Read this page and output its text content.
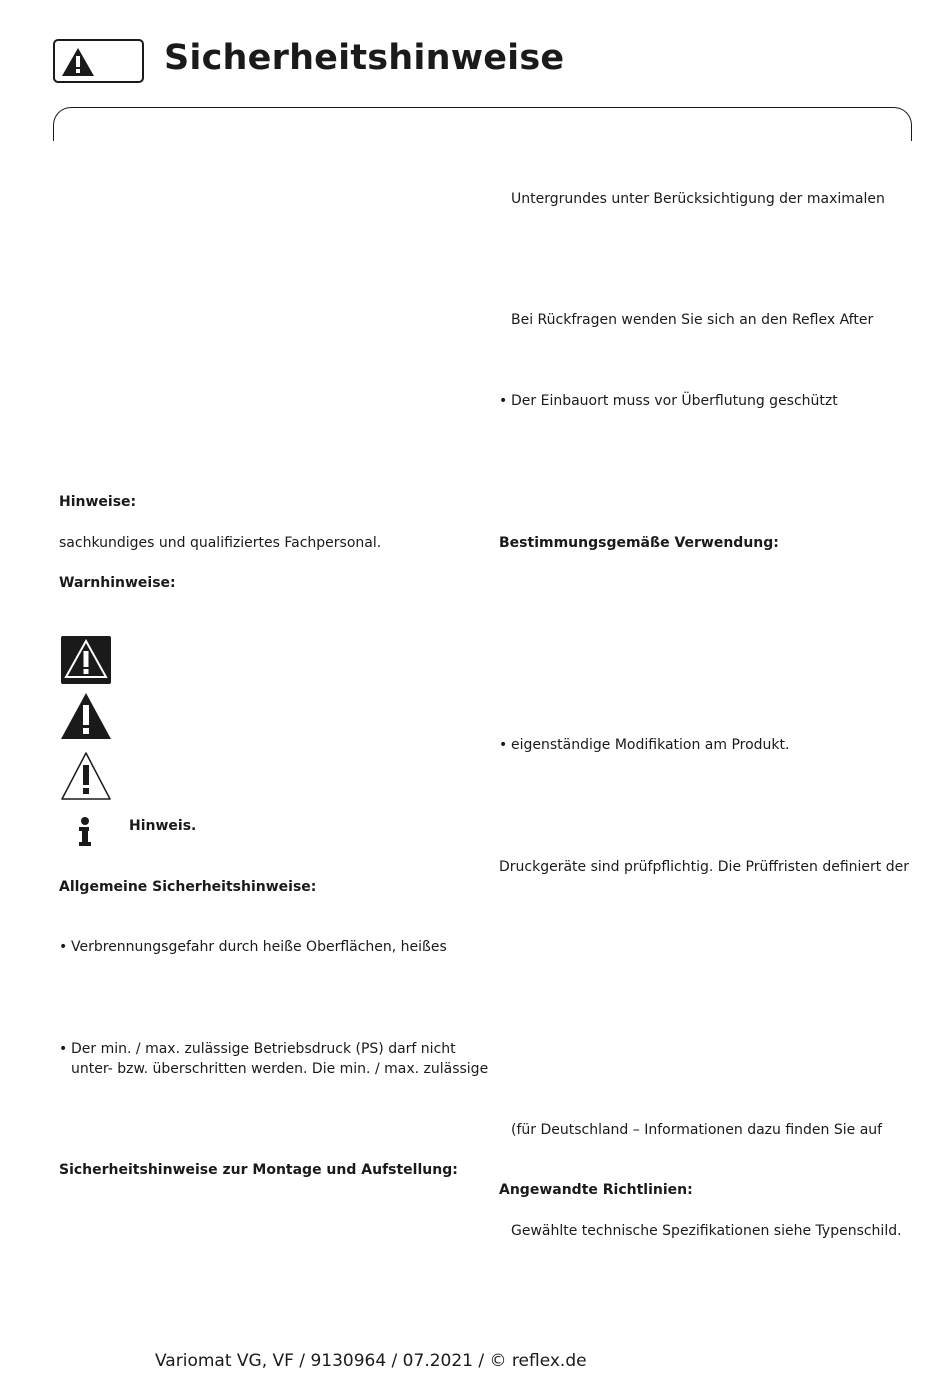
Sicherheitshinweise
Hinweise:
sachkundiges und qualifiziertes Fachpersonal.
Warnhinweise:
Hinweis.
Allgemeine Sicherheitshinweise:
• Verbrennungsgefahr durch heiße Oberflächen, heißes
• Der min. / max. zulässige Betriebsdruck (PS) darf nicht
unter- bzw. überschritten werden. Die min. / max. zulässige
Sicherheitshinweise zur Montage und Aufstellung:
Untergrundes unter Berücksichtigung der maximalen
Bei Rückfragen wenden Sie sich an den Reflex After
• Der Einbauort muss vor Überflutung geschützt
Bestimmungsgemäße Verwendung:
• eigenständige Modifikation am Produkt.
Druckgeräte sind prüfpflichtig. Die Prüffristen definiert der
(für Deutschland – Informationen dazu finden Sie auf
Angewandte Richtlinien:
Gewählte technische Spezifikationen siehe Typenschild.
Variomat VG, VF / 9130964 / 07.2021 / © reflex.de
